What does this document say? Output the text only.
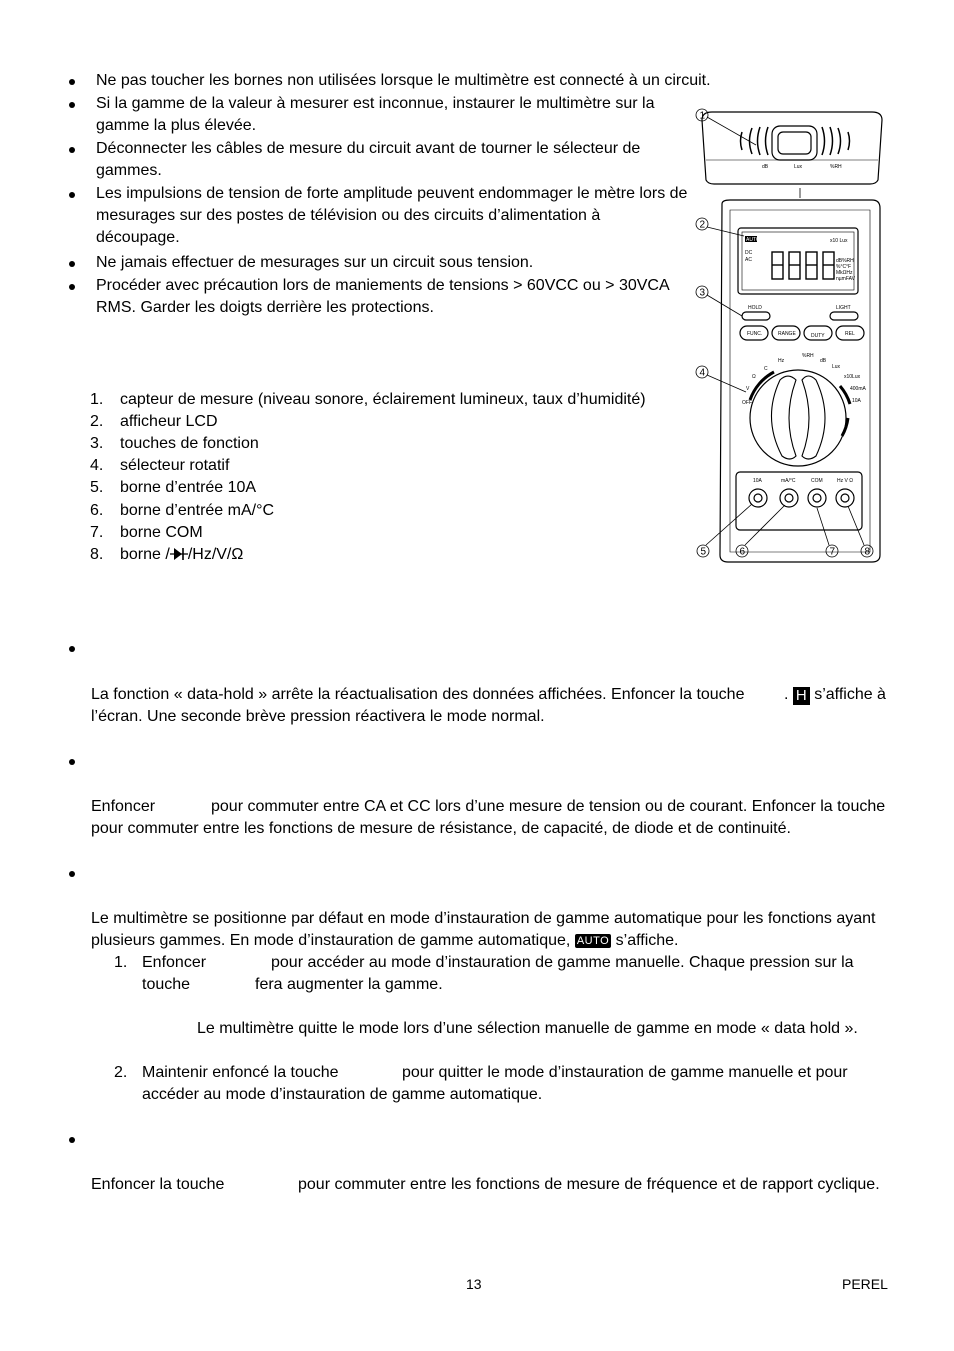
Ne pas toucher les bornes non utilisées lorsque le multimètre est connecté à un circuit.
Si la gamme de la valeur à mesurer est inconnue, instaurer le multimètre sur la
gamme la plus élevée.
Déconnecter les câbles de mesure du circuit avant de tourner le sélecteur de
gammes.
Les impulsions de tension de forte amplitude peuvent endommager le mètre lors de
mesurages sur des postes de télévision ou des circuits d’alimentation à
découpage.
Ne jamais effectuer de mesurages sur un circuit sous tension.
Procéder avec précaution lors de maniements de tensions > 60VCC ou > 30VCA
RMS. Garder les doigts derrière les protections.
1. capteur de mesure (niveau sonore, éclairement lumineux, taux d’humidité)
2. afficheur LCD
3. touches de fonction
4. sélecteur rotatif
5. borne d’entrée 10A
6. borne d’entrée mA/°C
7. borne COM
8. borne / /Hz/V/Ω
La fonction « data-hold » arrête la réactualisation des données affichées. Enfoncer la touche . H s’affiche à
l’écran. Une seconde brève pression réactivera le mode normal.
Enfoncer	pour commuter entre CA et CC lors d’une mesure de tension ou de courant. Enfoncer la touche
pour commuter entre les fonctions de mesure de résistance, de capacité, de diode et de continuité.
Le multimètre se positionne par défaut en mode d’instauration de gamme automatique pour les fonctions ayant
plusieurs gammes. En mode d’instauration de gamme automatique, AUTO s’affiche.
1. Enfoncer	pour accéder au mode d’instauration de gamme manuelle. Chaque pression sur la
touche	fera augmenter la gamme.
Le multimètre quitte le mode lors d’une sélection manuelle de gamme en mode « data hold ».
2. Maintenir enfoncé la touche	pour quitter le mode d’instauration de gamme manuelle et pour
accéder au mode d’instauration de gamme automatique.
Enfoncer la touche	pour commuter entre les fonctions de mesure de fréquence et de rapport cyclique.
13	PEREL
1
2
3
4
5	6	7	8
dB	Lux	%RH
AUTO	x10 Lux
DC
AC	dB%RH
%°C°F
MkΩHz
nµmFAV
HOLD	LIGHT
FUNC.	RANGE	DUTY	REL
Ω
C
Hz
%RH
dB
Lux
x10Lux
400mA
10A
V
OFF
10A	mA/°C	COM	Hz V Ω
